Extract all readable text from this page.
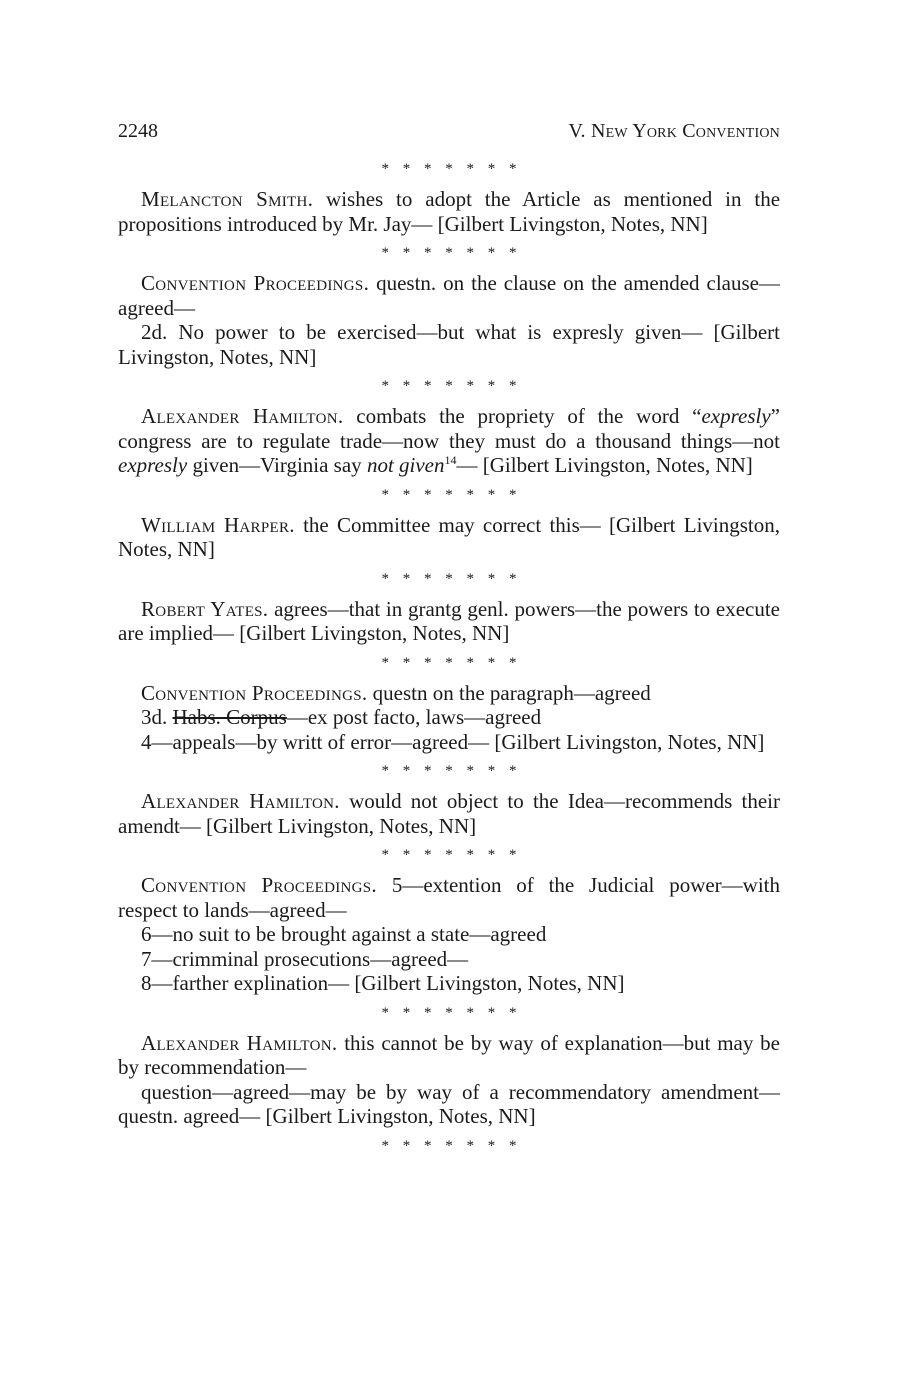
2248	V. New York Convention
* * * * * * *

Melancton Smith. wishes to adopt the Article as mentioned in the propositions introduced by Mr. Jay— [Gilbert Livingston, Notes, NN]

* * * * * * *

Convention Proceedings. questn. on the clause on the amended clause—agreed—

2d. No power to be exercised—but what is expresly given— [Gilbert Livingston, Notes, NN]

* * * * * * *

Alexander Hamilton. combats the propriety of the word “expresly” congress are to regulate trade—now they must do a thousand things—not expresly given—Virginia say not given$^{14}$— [Gilbert Livingston, Notes, NN]

* * * * * * *

William Harper. the Committee may correct this— [Gilbert Livingston, Notes, NN]

* * * * * * *

Robert Yates. agrees—that in grantg genl. powers—the powers to execute are implied— [Gilbert Livingston, Notes, NN]

* * * * * * *

Convention Proceedings. questn on the paragraph—agreed

3d. Habs. Corpus—ex post facto, laws—agreed

4—appeals—by writt of error—agreed— [Gilbert Livingston, Notes, NN]

* * * * * * *

Alexander Hamilton. would not object to the Idea—recommends their amendt— [Gilbert Livingston, Notes, NN]

* * * * * * *

Convention Proceedings. 5—extention of the Judicial power—with respect to lands—agreed—

6—no suit to be brought against a state—agreed

7—crimminal prosecutions—agreed—

8—farther explination— [Gilbert Livingston, Notes, NN]

* * * * * * *

Alexander Hamilton. this cannot be by way of explanation—but may be by recommendation—

question—agreed—may be by way of a recommendatory amendment—questn. agreed— [Gilbert Livingston, Notes, NN]

* * * * * * *
